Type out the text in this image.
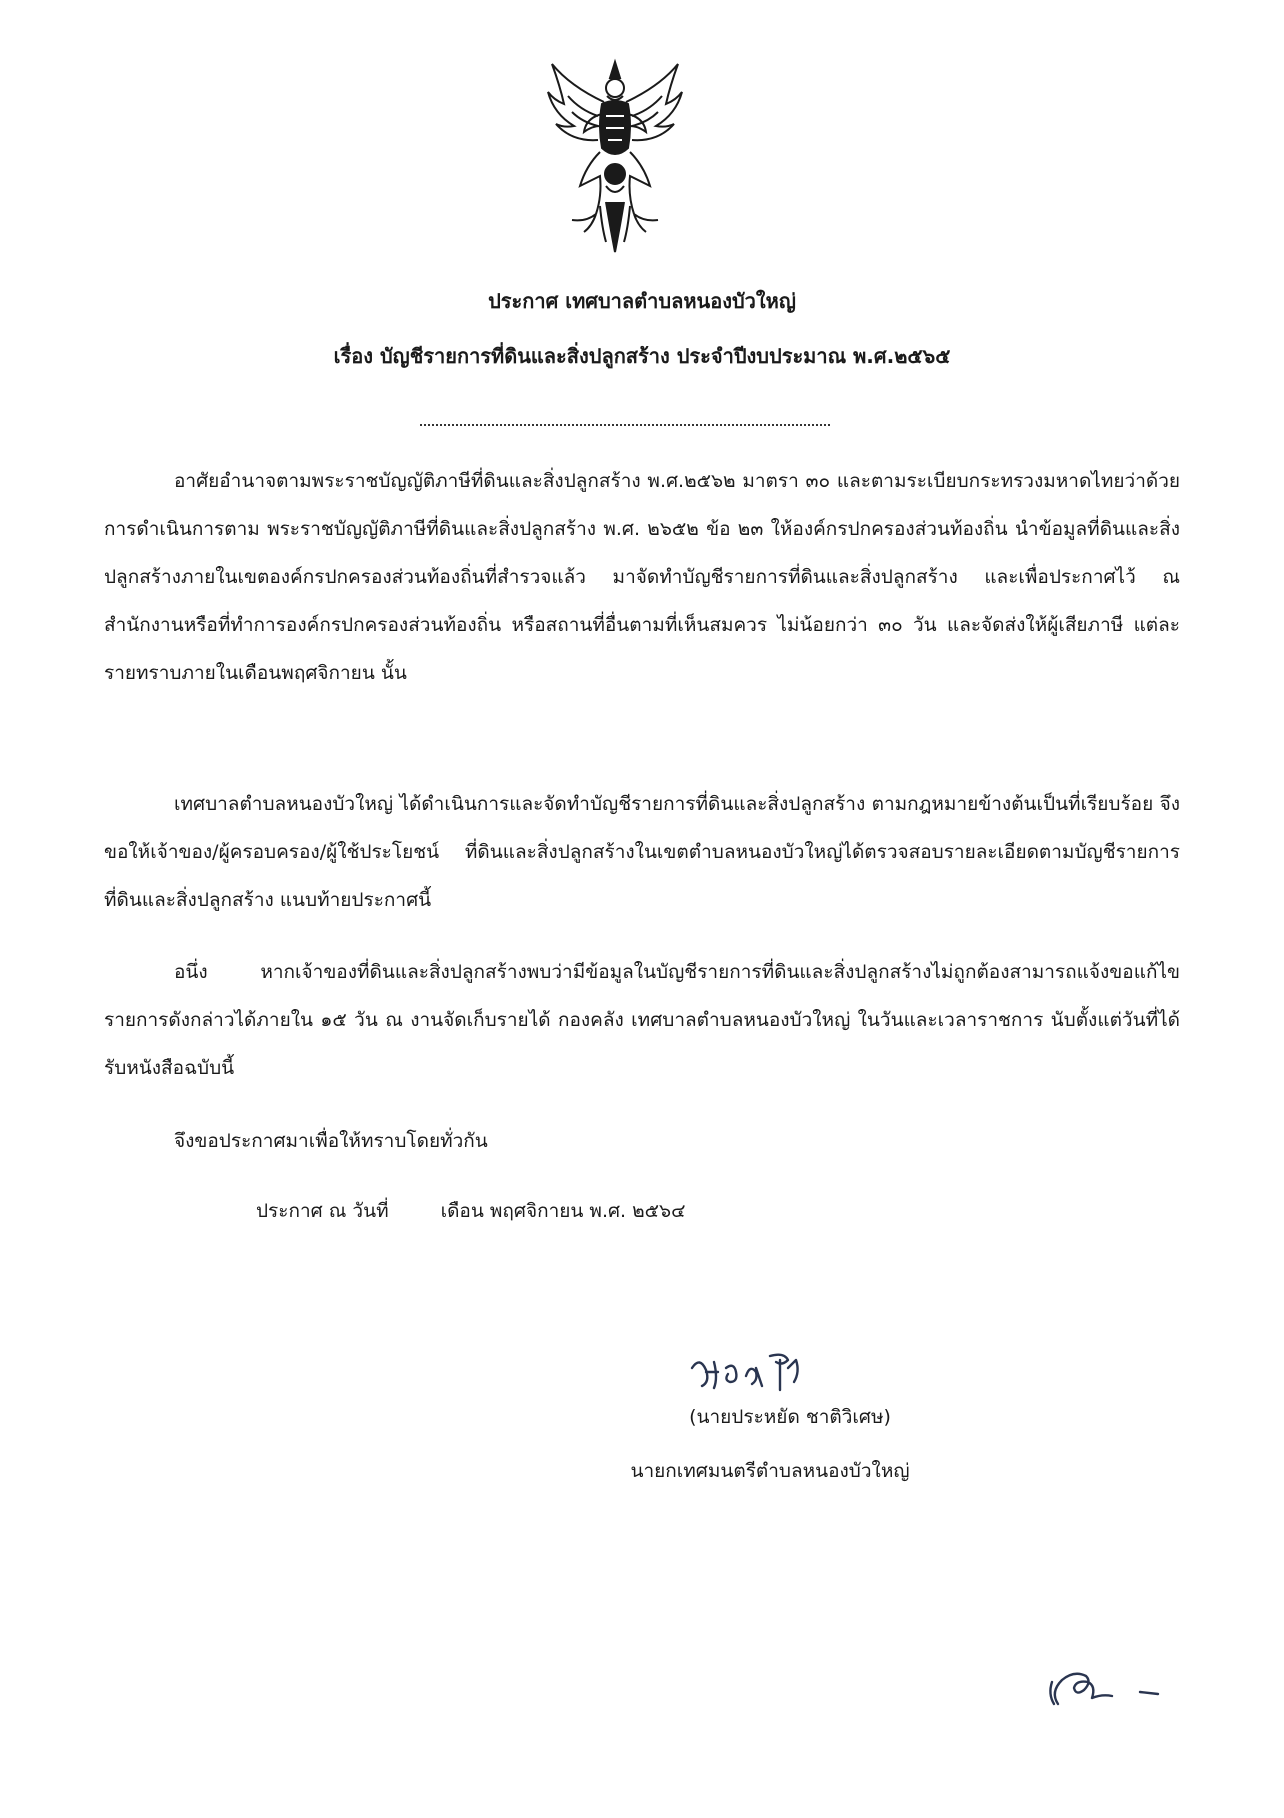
ประกาศ เทศบาลตำบลหนองบัวใหญ่
เรื่อง บัญชีรายการที่ดินและสิ่งปลูกสร้าง ประจำปีงบประมาณ พ.ศ.๒๕๖๕
อาศัยอำนาจตามพระราชบัญญัติภาษีที่ดินและสิ่งปลูกสร้าง พ.ศ.๒๕๖๒ มาตรา ๓๐ และตามระเบียบกระทรวงมหาดไทยว่าด้วยการดำเนินการตาม พระราชบัญญัติภาษีที่ดินและสิ่งปลูกสร้าง พ.ศ. ๒๖๕๒ ข้อ ๒๓ ให้องค์กรปกครองส่วนท้องถิ่น นำข้อมูลที่ดินและสิ่งปลูกสร้างภายในเขตองค์กรปกครองส่วนท้องถิ่นที่สำรวจแล้ว มาจัดทำบัญชีรายการที่ดินและสิ่งปลูกสร้าง และเพื่อประกาศไว้ ณ สำนักงานหรือที่ทำการองค์กรปกครองส่วนท้องถิ่น หรือสถานที่อื่นตามที่เห็นสมควร ไม่น้อยกว่า ๓๐ วัน และจัดส่งให้ผู้เสียภาษี แต่ละรายทราบภายในเดือนพฤศจิกายน นั้น
เทศบาลตำบลหนองบัวใหญ่ ได้ดำเนินการและจัดทำบัญชีรายการที่ดินและสิ่งปลูกสร้าง ตามกฎหมายข้างต้นเป็นที่เรียบร้อย จึงขอให้เจ้าของ/ผู้ครอบครอง/ผู้ใช้ประโยชน์ ที่ดินและสิ่งปลูกสร้างในเขตตำบลหนองบัวใหญ่ได้ตรวจสอบรายละเอียดตามบัญชีรายการที่ดินและสิ่งปลูกสร้าง แนบท้ายประกาศนี้
อนึ่ง หากเจ้าของที่ดินและสิ่งปลูกสร้างพบว่ามีข้อมูลในบัญชีรายการที่ดินและสิ่งปลูกสร้างไม่ถูกต้องสามารถแจ้งขอแก้ไขรายการดังกล่าวได้ภายใน ๑๕ วัน ณ งานจัดเก็บรายได้ กองคลัง เทศบาลตำบลหนองบัวใหญ่ ในวันและเวลาราชการ นับตั้งแต่วันที่ได้รับหนังสือฉบับนี้
จึงขอประกาศมาเพื่อให้ทราบโดยทั่วกัน
ประกาศ ณ วันที่	เดือน พฤศจิกายน พ.ศ. ๒๕๖๔
(นายประหยัด ชาติวิเศษ)
นายกเทศมนตรีตำบลหนองบัวใหญ่
